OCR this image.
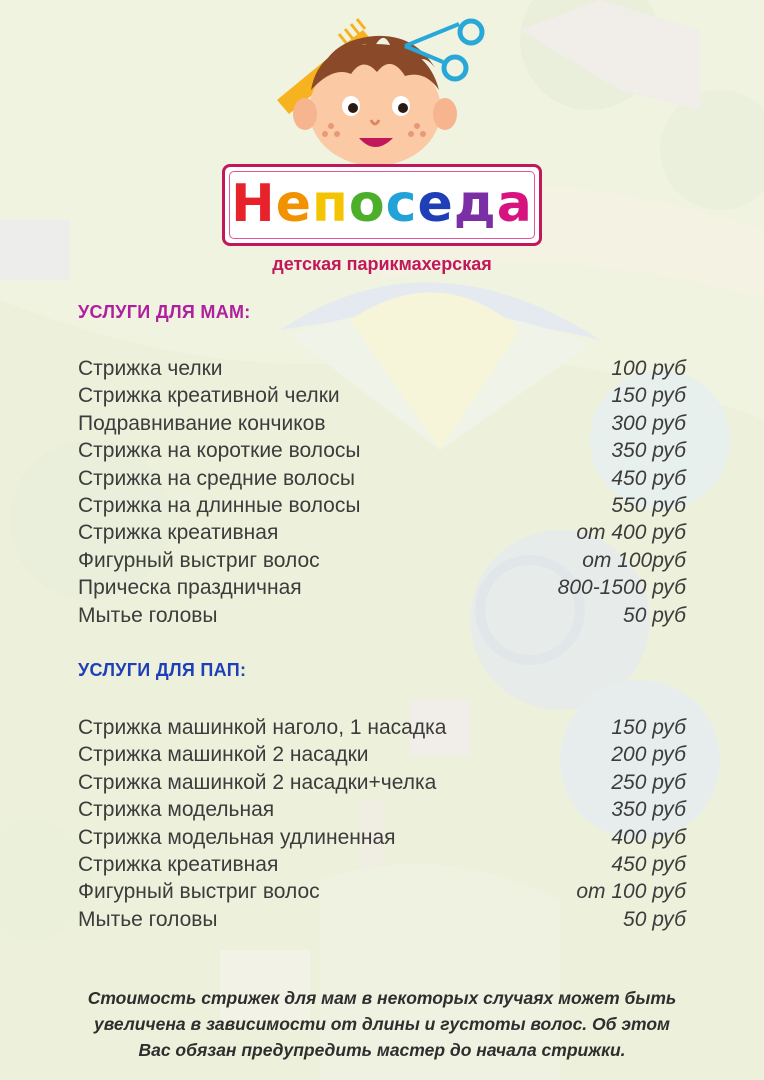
Непоседа
детская парикмахерская
УСЛУГИ ДЛЯ МАМ:
Стрижка челки	100 руб
Стрижка креативной челки	150 руб
Подравнивание кончиков	300 руб
Стрижка на короткие волосы	350 руб
Стрижка на средние волосы	450 руб
Стрижка на длинные волосы	550 руб
Стрижка креативная	от 400 руб
Фигурный выстриг волос	от 100руб
Прическа праздничная	800-1500 руб
Мытье головы	50 руб
УСЛУГИ ДЛЯ ПАП:
Стрижка машинкой наголо, 1 насадка	150 руб
Стрижка машинкой 2 насадки	200 руб
Стрижка машинкой 2 насадки+челка	250 руб
Стрижка модельная	350 руб
Стрижка модельная удлиненная	400 руб
Стрижка креативная	450 руб
Фигурный выстриг волос	от 100 руб
Мытье головы	50 руб
Стоимость стрижек для мам в некоторых случаях может быть
увеличена в зависимости от длины и густоты волос. Об этом
Вас обязан предупредить мастер до начала стрижки.
